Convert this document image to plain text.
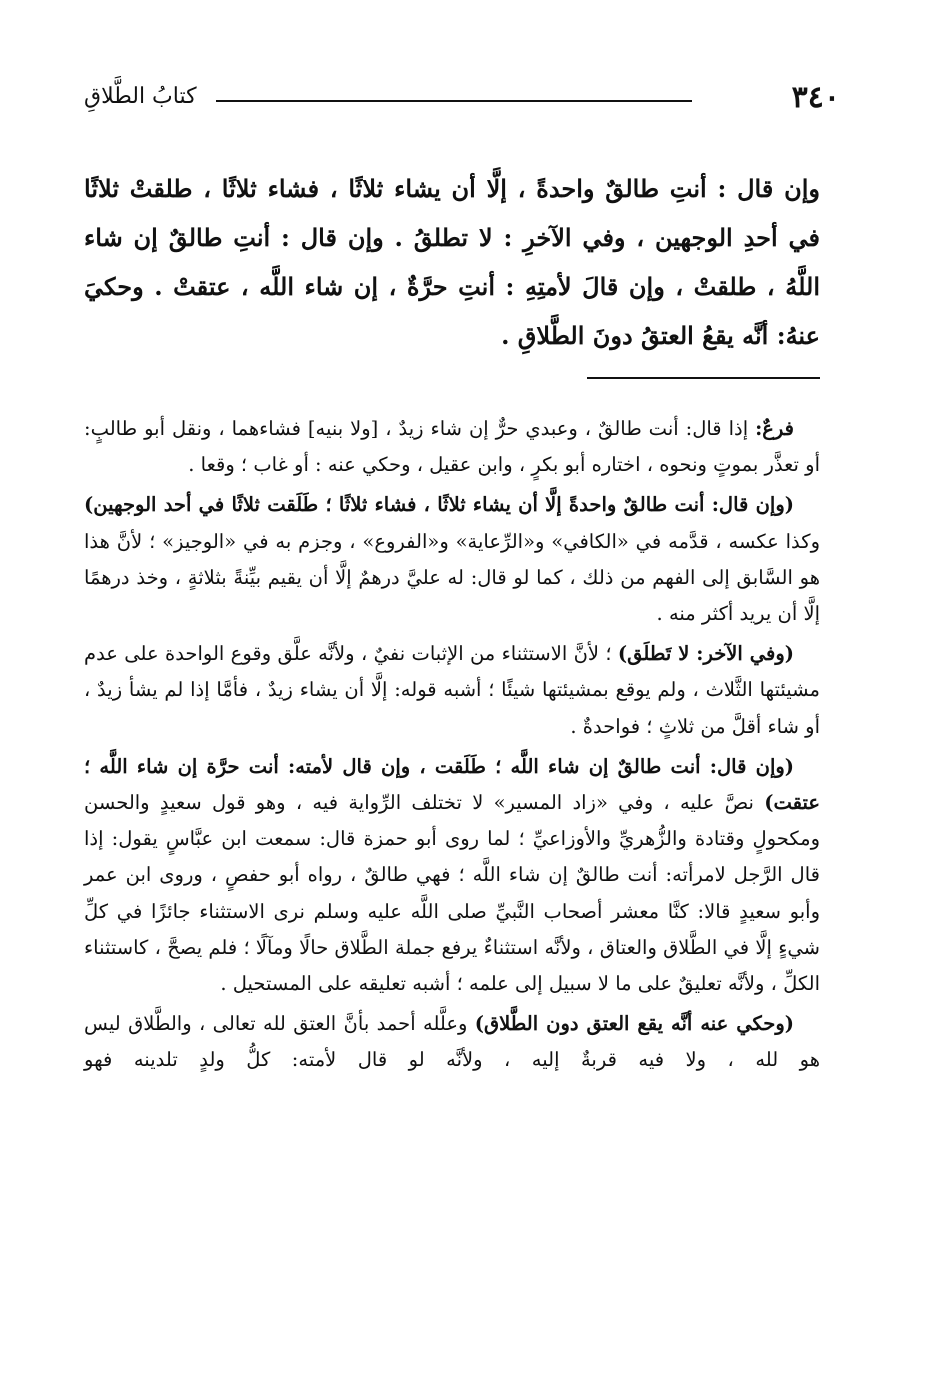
٣٤٠
كتابُ الطَّلاقِ
وإن قال : أنتِ طالقٌ واحدةً ، إلَّا أن يشاء ثلاثًا ، فشاء ثلاثًا ، طلقتْ ثلاثًا في أحدِ الوجهين ، وفي الآخرِ : لا تطلقُ . وإن قال : أنتِ طالقٌ إن شاء اللَّهُ ، طلقتْ ، وإن قالَ لأمتِهِ : أنتِ حرَّةٌ ، إن شاء اللَّه ، عتقتْ . وحكيَ عنهُ: أنَّه يقعُ العتقُ دونَ الطَّلاقِ .

فرعٌ: إذا قال: أنت طالقٌ ، وعبدي حرٌّ إن شاء زيدٌ ، [ولا بنيه] فشاءهما ، ونقل أبو طالبٍ: أو تعذَّر بموتٍ ونحوه ، اختاره أبو بكرٍ ، وابن عقيل ، وحكي عنه : أو غاب ؛ وقعا .

(وإن قال: أنت طالقٌ واحدةً إلَّا أن يشاء ثلاثًا ، فشاء ثلاثًا ؛ طَلَقت ثلاثًا في أحد الوجهين) وكذا عكسه ، قدَّمه في «الكافي» و«الرِّعاية» و«الفروع» ، وجزم به في «الوجيز» ؛ لأنَّ هذا هو السَّابق إلى الفهم من ذلك ، كما لو قال: له عليَّ درهمٌ إلَّا أن يقيم بيِّنةً بثلاثةٍ ، وخذ درهمًا إلَّا أن يريد أكثر منه .

(وفي الآخر: لا تَطلَق) ؛ لأنَّ الاستثناء من الإثبات نفيٌ ، ولأنَّه علَّق وقوع الواحدة على عدم مشيئتها الثَّلاث ، ولم يوقع بمشيئتها شيئًا ؛ أشبه قوله: إلَّا أن يشاء زيدٌ ، فأمَّا إذا لم يشأ زيدٌ ، أو شاء أقلَّ من ثلاثٍ ؛ فواحدةٌ .

(وإن قال: أنت طالقٌ إن شاء اللَّه ؛ طَلَقت ، وإن قال لأمته: أنت حرَّة إن شاء اللَّه ؛ عتقت) نصَّ عليه ، وفي «زاد المسير» لا تختلف الرِّواية فيه ، وهو قول سعيدٍ والحسن ومكحولٍ وقتادة والزُّهريِّ والأوزاعيِّ ؛ لما روى أبو حمزة قال: سمعت ابن عبَّاسٍ يقول: إذا قال الرَّجل لامرأته: أنت طالقٌ إن شاء اللَّه ؛ فهي طالقٌ ، رواه أبو حفصٍ ، وروى ابن عمر وأبو سعيدٍ قالا: كنَّا معشر أصحاب النَّبيِّ صلى اللَّه عليه وسلم نرى الاستثناء جائزًا في كلِّ شيءٍ إلَّا في الطَّلاق والعتاق ، ولأنَّه استثناءٌ يرفع جملة الطَّلاق حالًا ومآلًا ؛ فلم يصحَّ ، كاستثناء الكلِّ ، ولأنَّه تعليقٌ على ما لا سبيل إلى علمه ؛ أشبه تعليقه على المستحيل .

(وحكي عنه أنَّه يقع العتق دون الطَّلاق) وعلَّله أحمد بأنَّ العتق لله تعالى ، والطَّلاق ليس هو لله ، ولا فيه قربةٌ إليه ، ولأنَّه لو قال لأمته: كلُّ ولدٍ تلدينه فهو
